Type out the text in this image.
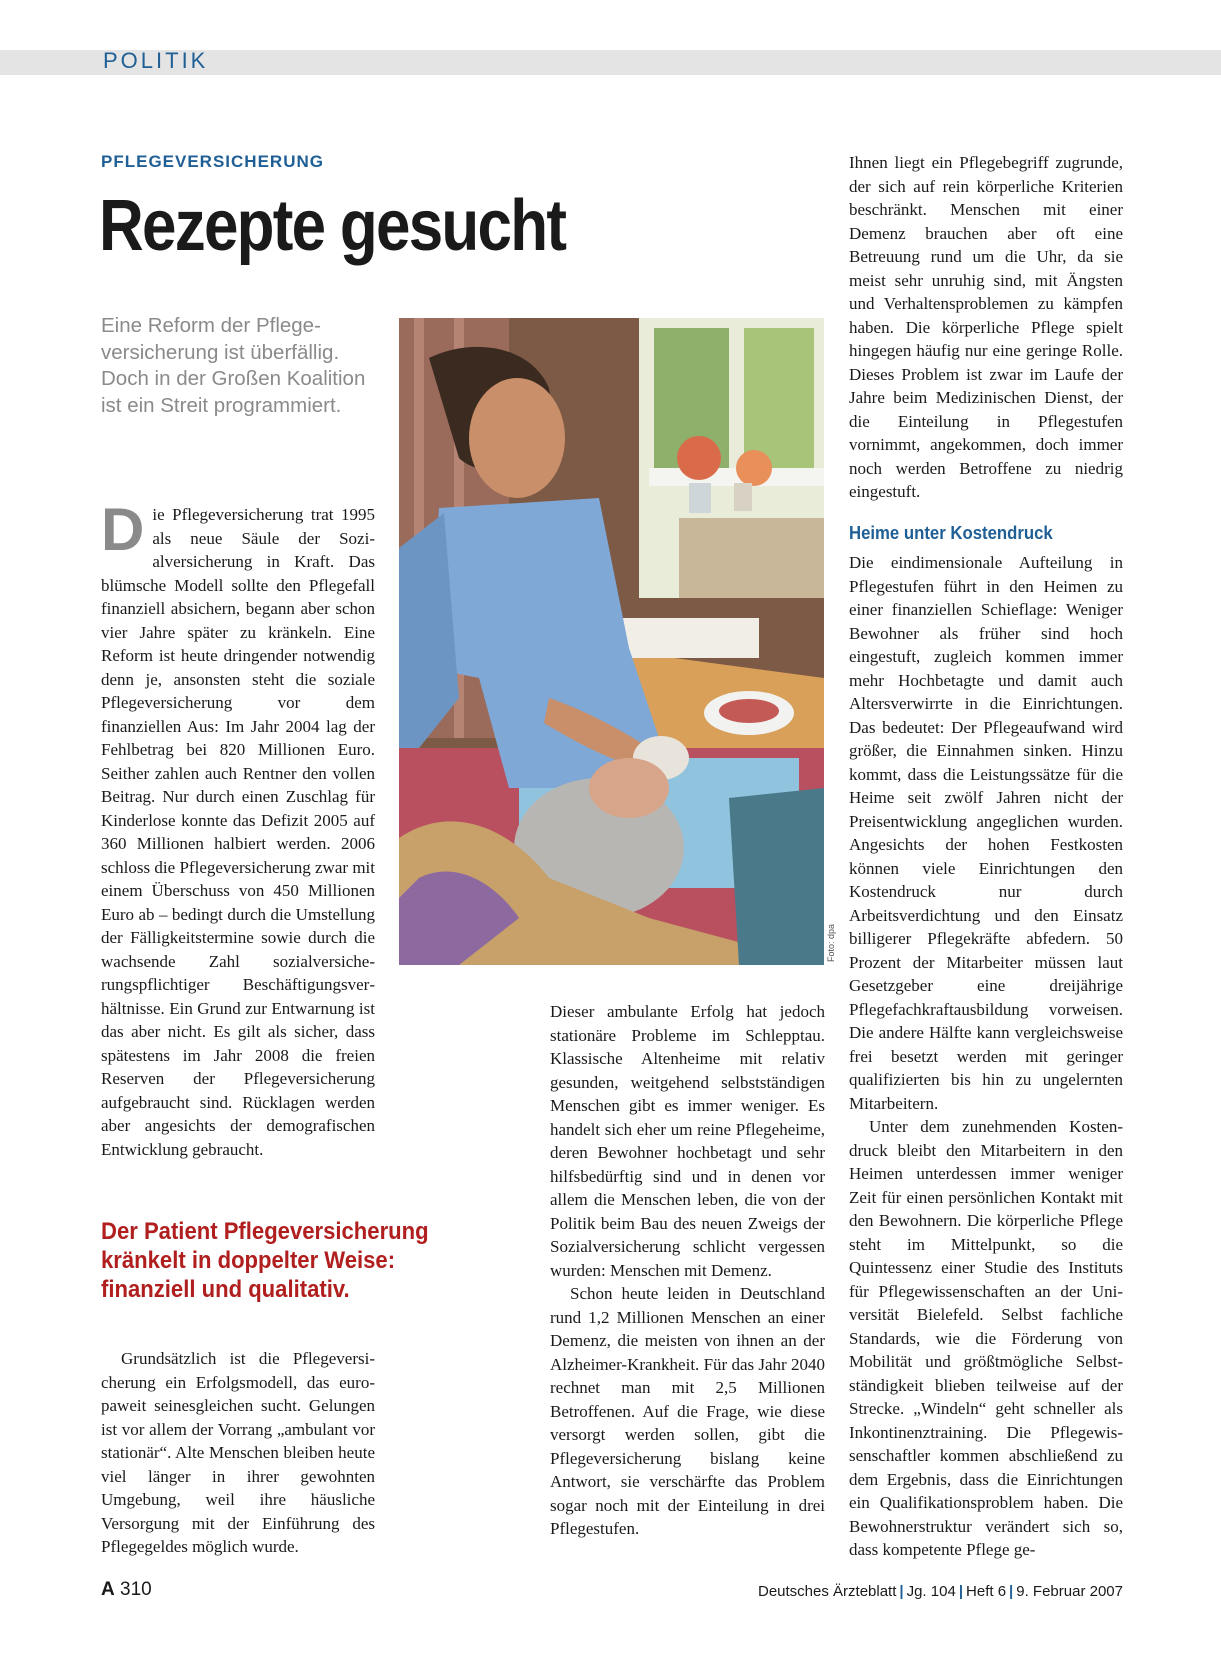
POLITIK
PFLEGEVERSICHERUNG
Rezepte gesucht
Eine Reform der Pflegeversicherung ist überfällig. Doch in der Großen Koalition ist ein Streit programmiert.
D ie Pflegeversicherung trat 1995 als neue Säule der Sozialversicherung in Kraft. Das blümsche Modell sollte den Pflegefall finanziell absichern, begann aber schon vier Jahre später zu kränkeln. Eine Reform ist heute dringender notwendig denn je, ansonsten steht die soziale Pflegeversicherung vor dem finanziellen Aus: Im Jahr 2004 lag der Fehlbetrag bei 820 Millionen Euro. Seither zahlen auch Rentner den vollen Beitrag. Nur durch einen Zuschlag für Kinderlose konnte das Defizit 2005 auf 360 Millionen halbiert werden. 2006 schloss die Pflegeversicherung zwar mit einem Überschuss von 450 Millionen Euro ab – bedingt durch die Umstellung der Fälligkeitstermine sowie durch die wachsende Zahl sozialversicherungspflichtiger Beschäftigungsverhältnisse. Ein Grund zur Entwarnung ist das aber nicht. Es gilt als sicher, dass spätestens im Jahr 2008 die freien Reserven der Pflegeversicherung aufgebraucht sind. Rücklagen werden aber angesichts der demografischen Entwicklung gebraucht.

Der Patient Pflegeversicherung kränkelt in doppelter Weise: finanziell und qualitativ.

Grundsätzlich ist die Pflegeversicherung ein Erfolgsmodell, das europaweit seinesgleichen sucht. Gelungen ist vor allem der Vorrang „ambulant vor stationär“. Alte Menschen bleiben heute viel länger in ihrer gewohnten Umgebung, weil ihre häusliche Versorgung mit der Einführung des Pflegegeldes möglich wurde.

Foto: dpa

Dieser ambulante Erfolg hat jedoch stationäre Probleme im Schlepptau. Klassische Altenheime mit relativ gesunden, weitgehend selbstständigen Menschen gibt es immer weniger. Es handelt sich eher um reine Pflegeheime, deren Bewohner hochbetagt und sehr hilfsbedürftig sind und in denen vor allem die Menschen leben, die von der Politik beim Bau des neuen Zweigs der Sozialversicherung schlicht vergessen wurden: Menschen mit Demenz.

Schon heute leiden in Deutschland rund 1,2 Millionen Menschen an einer Demenz, die meisten von ihnen an der Alzheimer-Krankheit. Für das Jahr 2040 rechnet man mit 2,5 Millionen Betroffenen. Auf die Frage, wie diese versorgt werden sollen, gibt die Pflegeversicherung bislang keine Antwort, sie verschärfte das Problem sogar noch mit der Einteilung in drei Pflegestufen.

Ihnen liegt ein Pflegebegriff zugrunde, der sich auf rein körperliche Kriterien beschränkt. Menschen mit einer Demenz brauchen aber oft eine Betreuung rund um die Uhr, da sie meist sehr unruhig sind, mit Ängsten und Verhaltensproblemen zu kämpfen haben. Die körperliche Pflege spielt hingegen häufig nur eine geringe Rolle. Dieses Problem ist zwar im Laufe der Jahre beim Medizinischen Dienst, der die Einteilung in Pflegestufen vornimmt, angekommen, doch immer noch werden Betroffene zu niedrig eingestuft.

Heime unter Kostendruck

Die eindimensionale Aufteilung in Pflegestufen führt in den Heimen zu einer finanziellen Schieflage: Weniger Bewohner als früher sind hoch eingestuft, zugleich kommen immer mehr Hochbetagte und damit auch Altersverwirrte in die Einrichtungen. Das bedeutet: Der Pflegeaufwand wird größer, die Einnahmen sinken. Hinzu kommt, dass die Leistungssätze für die Heime seit zwölf Jahren nicht der Preisentwicklung angeglichen wurden. Angesichts der hohen Festkosten können viele Einrichtungen den Kostendruck nur durch Arbeitsverdichtung und den Einsatz billigerer Pflegekräfte abfedern. 50 Prozent der Mitarbeiter müssen laut Gesetzgeber eine dreijährige Pflegefachkraftausbildung vorweisen. Die andere Hälfte kann vergleichsweise frei besetzt werden mit geringer qualifizierten bis hin zu ungelernten Mitarbeitern.

Unter dem zunehmenden Kostendruck bleibt den Mitarbeitern in den Heimen unterdessen immer weniger Zeit für einen persönlichen Kontakt mit den Bewohnern. Die körperliche Pflege steht im Mittelpunkt, so die Quintessenz einer Studie des Instituts für Pflegewissenschaften an der Universität Bielefeld. Selbst fachliche Standards, wie die Förderung von Mobilität und größtmögliche Selbstständigkeit blieben teilweise auf der Strecke. „Windeln“ geht schneller als Inkontinenztraining. Die Pflegewissenschaftler kommen abschließend zu dem Ergebnis, dass die Einrichtungen ein Qualifikationsproblem haben. Die Bewohnerstruktur verändert sich so, dass kompetente Pflege ge-

A 310	Deutsches Ärzteblatt | Jg. 104 | Heft 6 | 9. Februar 2007
